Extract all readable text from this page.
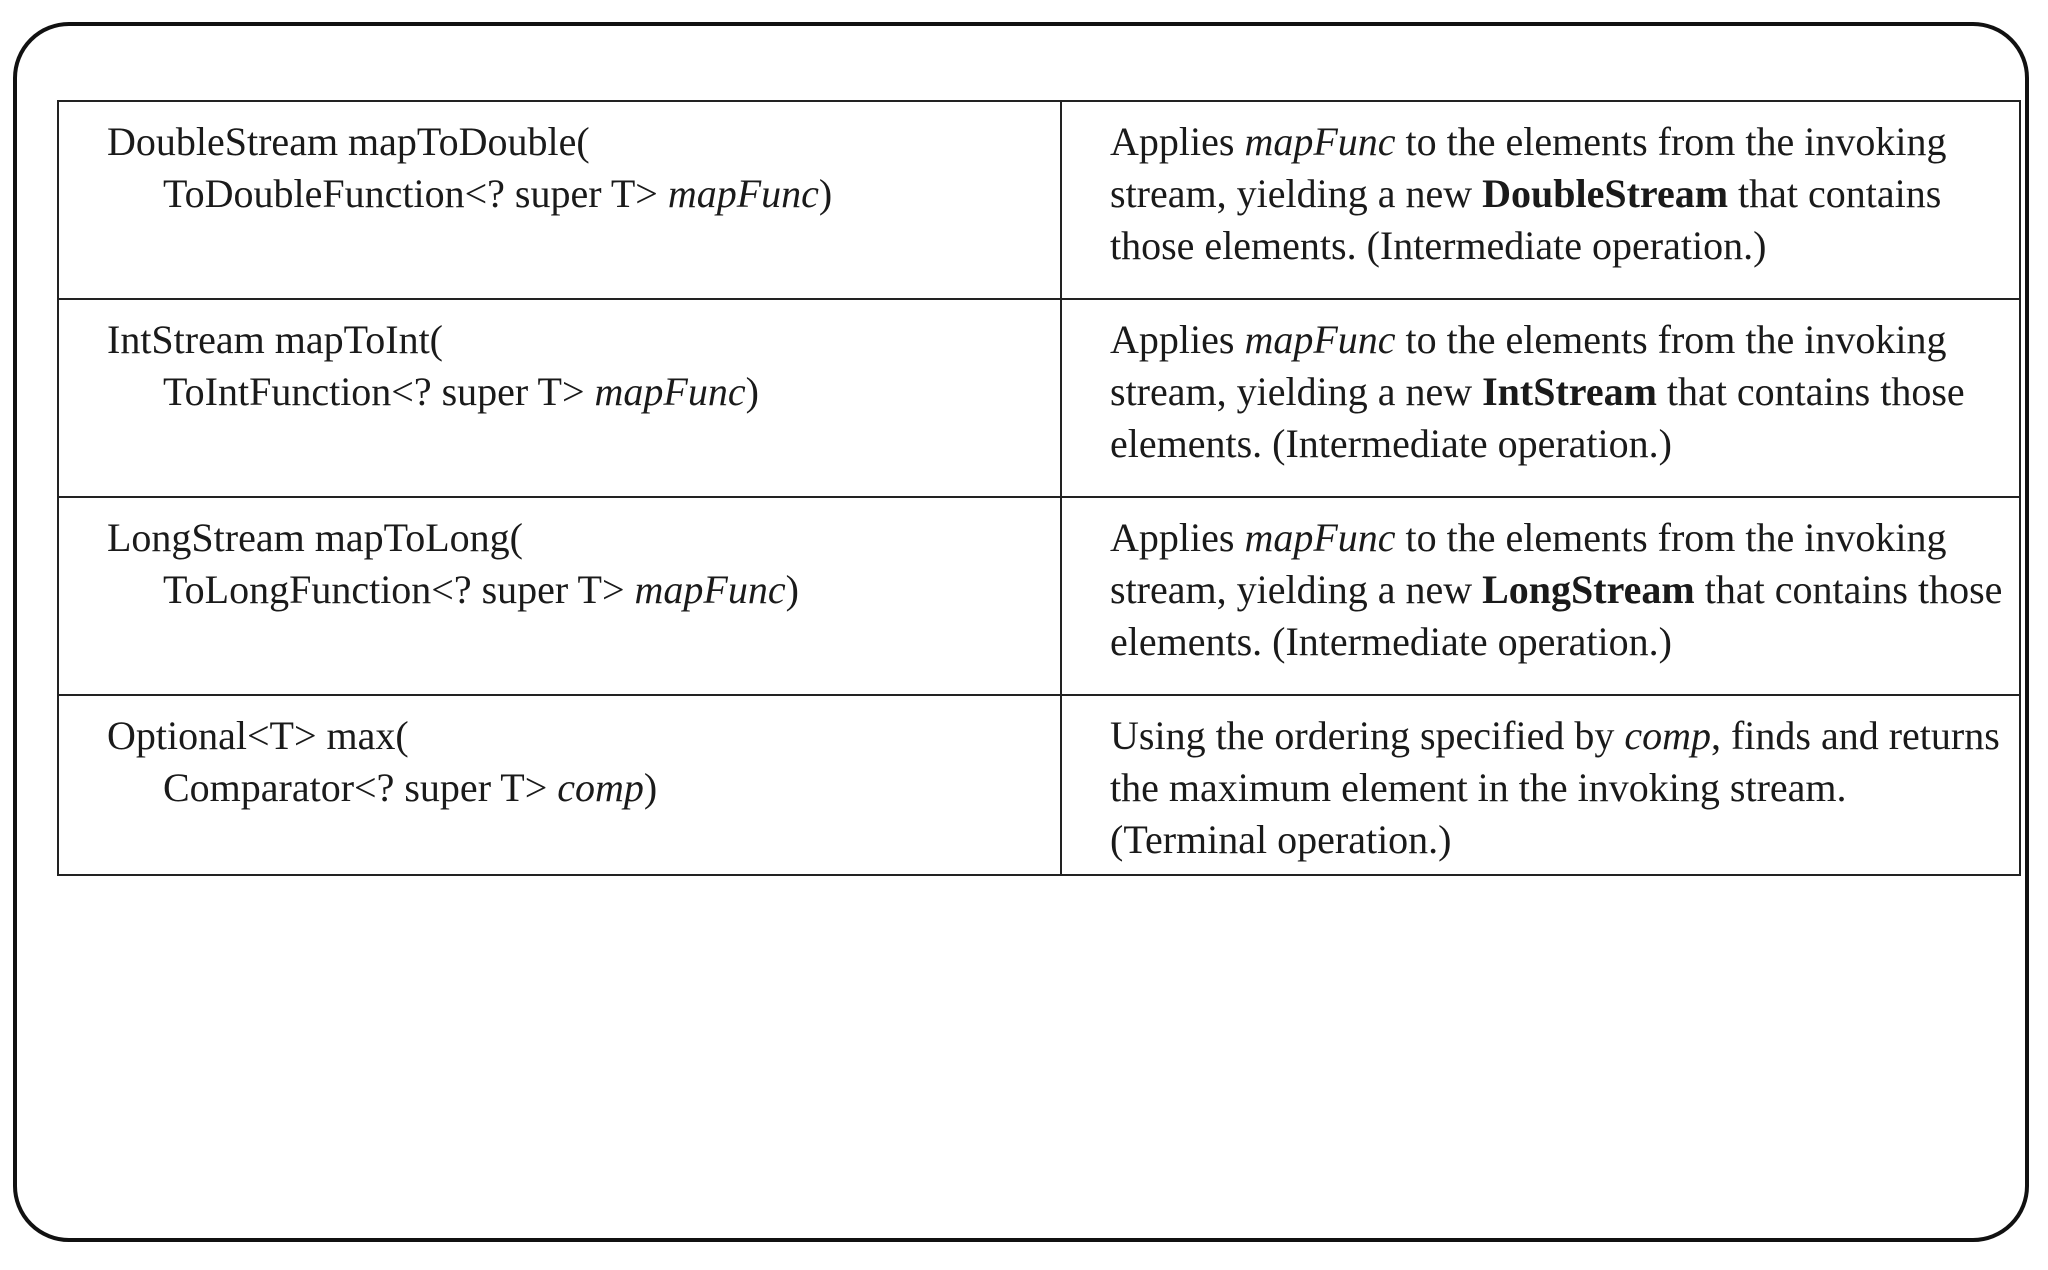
DoubleStream mapToDouble(
ToDoubleFunction<? super T> mapFunc)	Applies mapFunc to the elements from the invoking stream, yielding a new DoubleStream that contains those elements. (Intermediate operation.)

IntStream mapToInt(
ToIntFunction<? super T> mapFunc)	Applies mapFunc to the elements from the invoking stream, yielding a new IntStream that contains those elements. (Intermediate operation.)

LongStream mapToLong(
ToLongFunction<? super T> mapFunc)	Applies mapFunc to the elements from the invoking stream, yielding a new LongStream that contains those elements. (Intermediate operation.)

Optional<T> max(
Comparator<? super T> comp)	Using the ordering specified by comp, finds and returns the maximum element in the invoking stream. (Terminal operation.)
